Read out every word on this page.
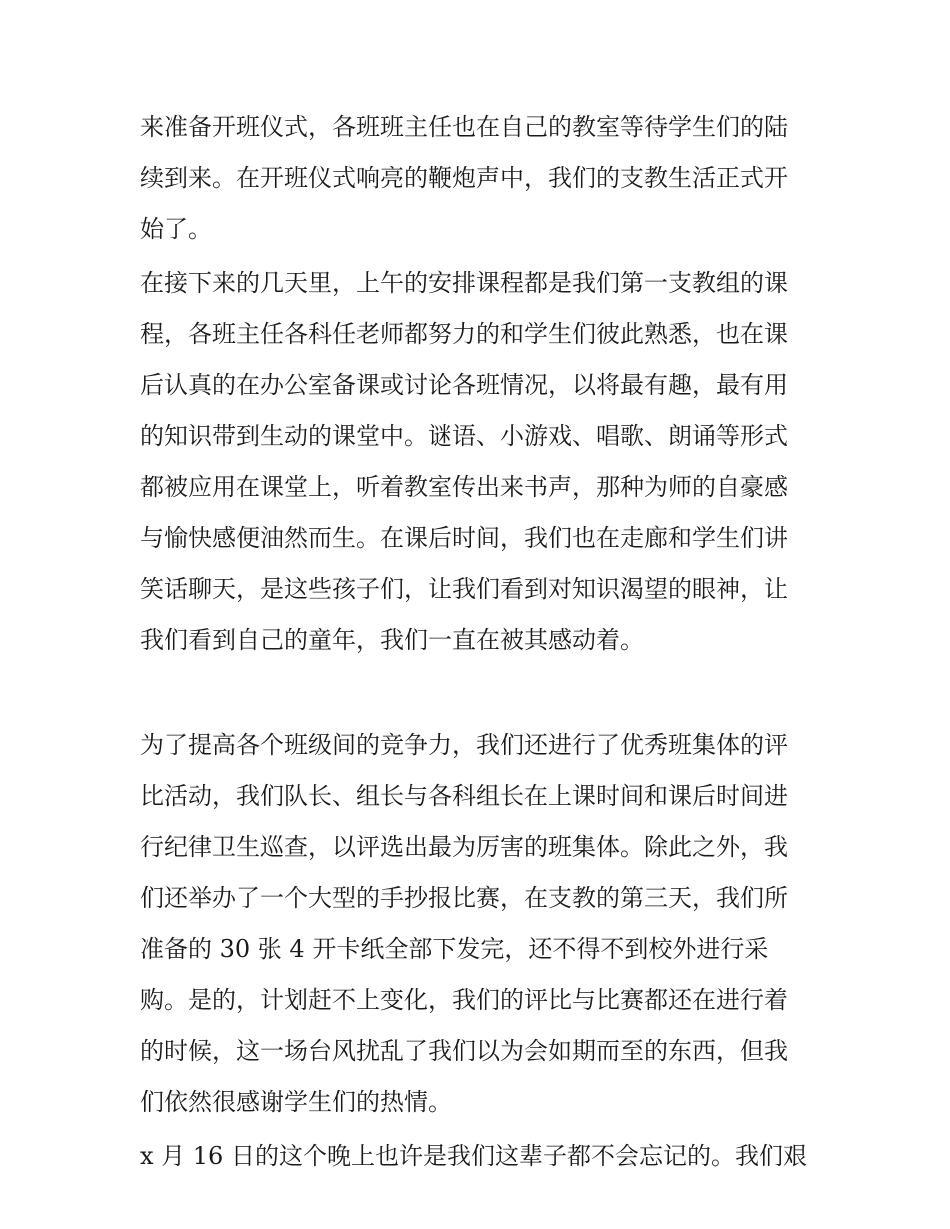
来准备开班仪式，各班班主任也在自己的教室等待学生们的陆
续到来。在开班仪式响亮的鞭炮声中，我们的支教生活正式开
始了。
在接下来的几天里，上午的安排课程都是我们第一支教组的课
程，各班主任各科任老师都努力的和学生们彼此熟悉，也在课
后认真的在办公室备课或讨论各班情况，以将最有趣，最有用
的知识带到生动的课堂中。谜语、小游戏、唱歌、朗诵等形式
都被应用在课堂上，听着教室传出来书声，那种为师的自豪感
与愉快感便油然而生。在课后时间，我们也在走廊和学生们讲
笑话聊天，是这些孩子们，让我们看到对知识渴望的眼神，让
我们看到自己的童年，我们一直在被其感动着。
为了提高各个班级间的竞争力，我们还进行了优秀班集体的评
比活动，我们队长、组长与各科组长在上课时间和课后时间进
行纪律卫生巡查，以评选出最为厉害的班集体。除此之外，我
们还举办了一个大型的手抄报比赛，在支教的第三天，我们所
准备的 30 张 4 开卡纸全部下发完，还不得不到校外进行采
购。是的，计划赶不上变化，我们的评比与比赛都还在进行着
的时候，这一场台风扰乱了我们以为会如期而至的东西，但我
们依然很感谢学生们的热情。
x 月 16 日的这个晚上也许是我们这辈子都不会忘记的。我们艰
